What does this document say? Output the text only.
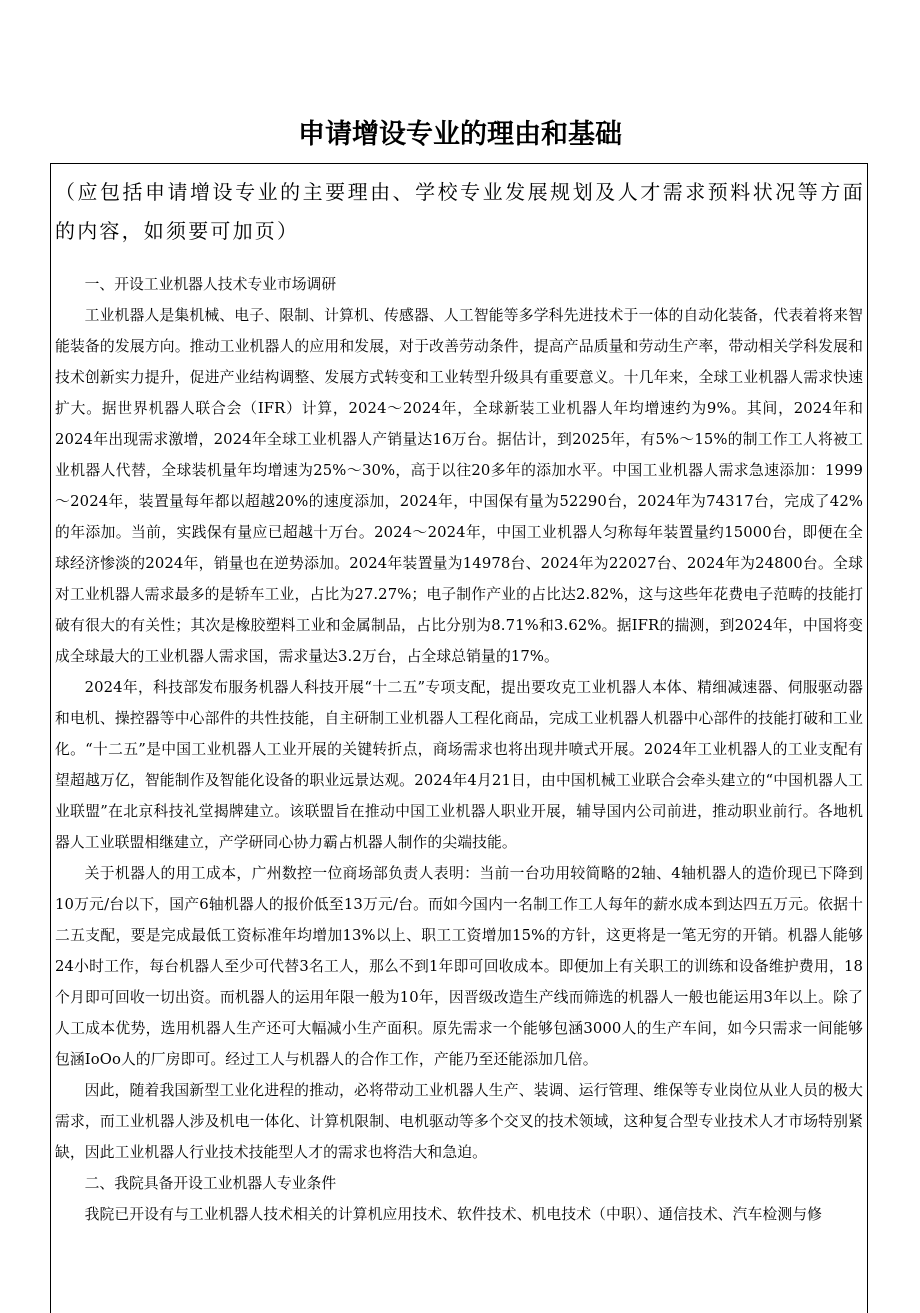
申请增设专业的理由和基础
（应包括申请增设专业的主要理由、学校专业发展规划及人才需求预料状况等方面的内容，如须要可加页）

一、开设工业机器人技术专业市场调研

工业机器人是集机械、电子、限制、计算机、传感器、人工智能等多学科先进技术于一体的自动化装备，代表着将来智能装备的发展方向。推动工业机器人的应用和发展，对于改善劳动条件，提高产品质量和劳动生产率，带动相关学科发展和技术创新实力提升，促进产业结构调整、发展方式转变和工业转型升级具有重要意义。十几年来，全球工业机器人需求快速扩大。据世界机器人联合会（IFR）计算，2024～2024年，全球新装工业机器人年均增速约为9%。其间，2024年和2024年出现需求激增，2024年全球工业机器人产销量达16万台。据估计，到2025年，有5%～15%的制工作工人将被工业机器人代替，全球装机量年均增速为25%～30%，高于以往20多年的添加水平。中国工业机器人需求急速添加：1999～2024年，装置量每年都以超越20%的速度添加，2024年，中国保有量为52290台，2024年为74317台，完成了42%的年添加。当前，实践保有量应已超越十万台。2024～2024年，中国工业机器人匀称每年装置量约15000台，即便在全球经济惨淡的2024年，销量也在逆势添加。2024年装置量为14978台、2024年为22027台、2024年为24800台。全球对工业机器人需求最多的是轿车工业，占比为27.27%；电子制作产业的占比达2.82%，这与这些年花费电子范畴的技能打破有很大的有关性；其次是橡胶塑料工业和金属制品，占比分别为8.71%和3.62%。据IFR的揣测，到2024年，中国将变成全球最大的工业机器人需求国，需求量达3.2万台，占全球总销量的17%。

2024年，科技部发布服务机器人科技开展“十二五”专项支配，提出要攻克工业机器人本体、精细减速器、伺服驱动器和电机、操控器等中心部件的共性技能，自主研制工业机器人工程化商品，完成工业机器人机器中心部件的技能打破和工业化。“十二五”是中国工业机器人工业开展的关键转折点，商场需求也将出现井喷式开展。2024年工业机器人的工业支配有望超越万亿，智能制作及智能化设备的职业远景达观。2024年4月21日，由中国机械工业联合会牵头建立的“中国机器人工业联盟”在北京科技礼堂揭牌建立。该联盟旨在推动中国工业机器人职业开展，辅导国内公司前进，推动职业前行。各地机器人工业联盟相继建立，产学研同心协力霸占机器人制作的尖端技能。

关于机器人的用工成本，广州数控一位商场部负责人表明：当前一台功用较简略的2轴、4轴机器人的造价现已下降到10万元/台以下，国产6轴机器人的报价低至13万元/台。而如今国内一名制工作工人每年的薪水成本到达四五万元。依据十二五支配，要是完成最低工资标准年均增加13%以上、职工工资增加15%的方针，这更将是一笔无穷的开销。机器人能够24小时工作，每台机器人至少可代替3名工人，那么不到1年即可回收成本。即便加上有关职工的训练和设备维护费用，18个月即可回收一切出资。而机器人的运用年限一般为10年，因晋级改造生产线而筛选的机器人一般也能运用3年以上。除了人工成本优势，选用机器人生产还可大幅减小生产面积。原先需求一个能够包涵3000人的生产车间，如今只需求一间能够包涵IoOo人的厂房即可。经过工人与机器人的合作工作，产能乃至还能添加几倍。

因此，随着我国新型工业化进程的推动，必将带动工业机器人生产、装调、运行管理、维保等专业岗位从业人员的极大需求，而工业机器人涉及机电一体化、计算机限制、电机驱动等多个交叉的技术领域，这种复合型专业技术人才市场特别紧缺，因此工业机器人行业技术技能型人才的需求也将浩大和急迫。

二、我院具备开设工业机器人专业条件

我院已开设有与工业机器人技术相关的计算机应用技术、软件技术、机电技术（中职）、通信技术、汽车检测与修
